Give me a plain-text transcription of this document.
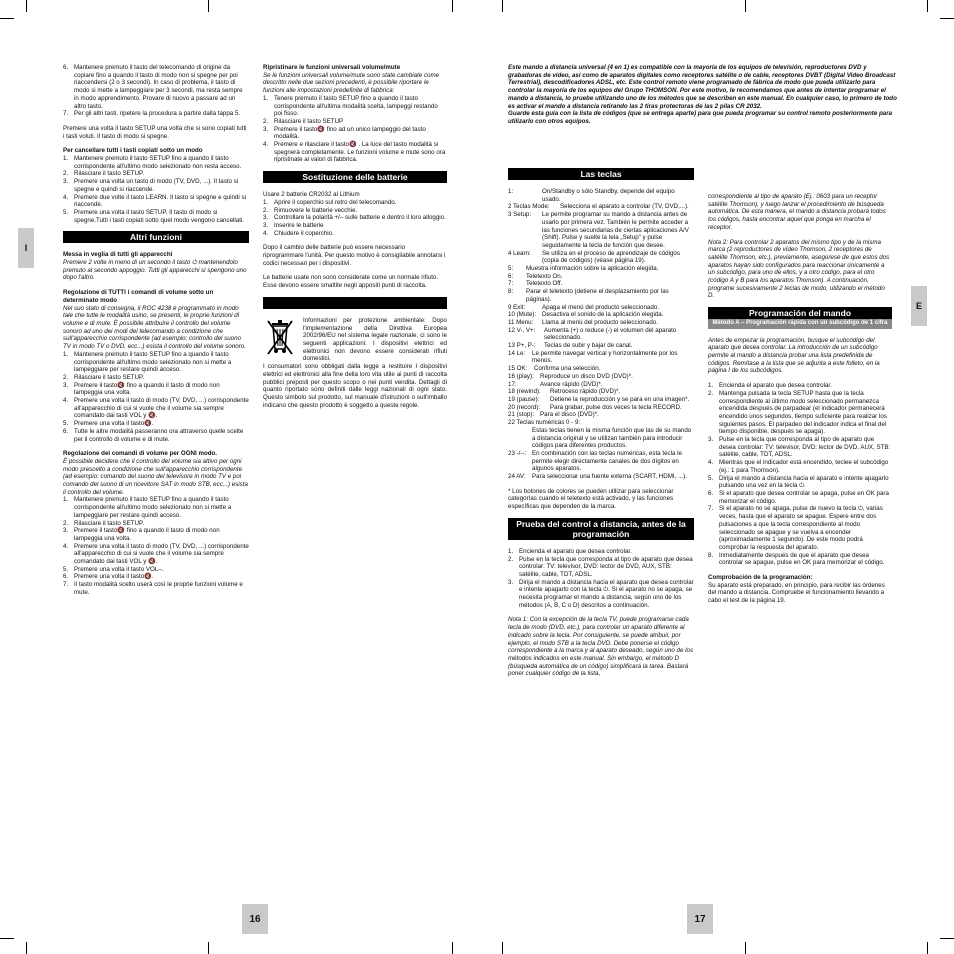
I
6. Mantenere premuto il tasto del telecomando di origine da copiare fino a quando il tasto di modo non si spegne per poi riaccendersi (2 o 3 secondi). In caso di problema, il tasto di modo si mette a lampeggiare per 3 secondi, ma resta sempre in modo apprendimento. Provare di nuovo a passare ad un altro tasto.
7. Per gli altri tasti, ripetere la procedura a partire dalla tappa 5.

Premere una volta il tasto SETUP una volta che si sono copiati tutti i tasti voluti. Il tasto di modo si spegne.

Per cancellare tutti i tasti copiati sotto un modo
1. Mantenere premuto il tasto SETUP fino a quando il tasto corrispondente all'ultimo modo selezionato non resta acceso.
2. Rilasciare il tasto SETUP.
3. Premere una volta un tasto di modo (TV, DVD, ...). Il tasto si spegne e quindi si riaccende.
4. Premere due volte il tasto LEARN. Il tasto si spegne e quindi si riaccende.
5. Premere una volta il tasto SETUP. Il tasto di modo si spegne.Tutti i tasti copiati sotto quel modo vengono cancellati.
Altri funzioni
Messa in veglia di tutti gli apparecchi

Premere 2 volte in meno di un secondo il tasto ⏻ mantenendolo premuto al secondo appoggio. Tutti gli apparecchi si spengono uno dopo l'altro.

Regolazione di TUTTI i comandi di volume sotto un determinato modo
Nel suo stato di consegna, il ROC 4238 è programmato in modo tale che tutte le modalità usino, se presenti, le proprie funzioni di volume e di mute. È possibile attribuire il controllo del volume sonoro ad uno dei modi del telecomando a condizione che sull'apparecchio corrispondente (ad esempio: controllo del suono TV in modo TV o DVD, ecc...) esista il controllo del volume sonoro.
1. Mantenere premuto il tasto SETUP fino a quando il tasto corrispondente all'ultimo modo selezionato non si mette a lampeggiare per restare quindi acceso.
2. Rilasciare il tasto SETUP.
3. Premere il tasto🔇 fino a quando il tasto di modo non lampeggia una volta.
4. Premere una volta il tasto di modo (TV, DVD, ...) corrispondente all'apparecchio di cui si vuole che il volume sia sempre comandato dai tasti VOL y 🔇.
5. Premere una volta il tasto🔇.
6. Tutte le altre modalità passeranno ora attraverso quelle scelte per il controllo di volume e di mute.
Regolazione dei comandi di volume per OGNI modo.
È possibile decidere che il controllo del volume sia attivo per ogni modo prescelto a condizione che sull'apparecchio corrispondente (ad esempio: comando del suono del televisore in modo TV e poi comando del suono di un ricevitore SAT in modo STB, ecc...) esista il controllo del volume.
1. Mantenere premuto il tasto SETUP fino a quando il tasto corrispondente all'ultimo modo selezionato non si mette a lampeggiare per restare quindi acceso.
2. Rilasciare il tasto SETUP.
3. Premere il tasto🔇 fino a quando il tasto di modo non lampeggia una volta.
4. Premere una volta il tasto di modo (TV, DVD, ...) corrispondente all'apparecchio di cui si vuole che il volume sia sempre comandato dai tasti VOL y 🔇.
5. Premere una volta il tasto VOL–.
6. Premere una volta il tasto🔇.
7. Il tasto modalità scelto userà così le proprie funzioni volume e mute.
Ripristinare le funzioni universali volume/mute
Se le funzioni universali volume/mute sono state cambiate come descritto nelle due sezioni precedenti, è possibile riportare le funzioni alle impostazioni predefinite di fabbrica:
1. Tenere premuto il tasto SETUP fino a quando il tasto corrispondente all'ultima modalità scelta, lampeggi restando poi fisso.
2. Rilasciare il tasto SETUP
3. Premere il tasto🔇 fino ad un unico lampeggio del tasto modalità.
4. Premere e rilasciare il tasto🔇 . La luce del tasto modalità si spegnerà completamente. Le funzioni volume e mute sono ora ripristinate ai valori di fabbrica.
Sostituzione delle batterie
Usare 2 batterie CR2032 al Lithium
1. Aprire il coperchio sul retro del telecomando.
2. Rimuovere le batterie vecchie.
3. Controllare la polarità +/– sulle batterie e dentro il loro alloggio.
3. Inserire le batterie
4. Chiudere il coperchio.

Dopo il cambio delle batterie può essere necessario riprogrammare l'unità. Per questo motivo è consigliabile annotarsi i codici necessari per i dispositivi.

Le batterie usate non sono considerate come un normale rifiuto. Esse devono essere smaltite negli appositi punti di raccolta.

Informazioni per protezione ambientale: Dopo l'implementazione della Direttiva Europea 2002/96/EU nel sistema legale nazionale, ci sono le seguenti applicazioni: I dispositivi elettrici ed elettronici non devono essere considerati rifiuti domestici.
I consumatori sono obbligati dalla legge a restituire I dispositivi elettrici ed elettronici alla fine della loro vita utile ai punti di raccolta pubblici preposti per questo scopo o nei punti vendita. Dettagli di quanto riportato sono definiti dalle leggi nazionali di ogni stato. Questo simbolo sul prodotto, sul manuale d'istruzioni o sull'imballo indicano che questo prodotto è soggetto a queste regole.
16
E
Este mando a distancia universal (4 en 1) es compatible con la mayoría de los equipos de televisión, reproductores DVD y grabadoras de vídeo, así como de aparatos digitales como receptores satélite o de cable, receptores DVBT (Digital Video Broadcast Terrestrial), descodificadores ADSL, etc. Este control remoto viene programado de fábrica de modo que pueda utilizarlo para controlar la mayoría de los equipos del Grupo THOMSON. Por este motivo, le recomendamos que antes de intentar programar el mando a distancia, lo pruebe utilizando uno de los métodos que se describen en este manual. En cualquier caso, lo primero de todo es activar el mando a distancia retirando las 2 tiras protectoras de las 2 pilas CR 2032.
Guarde esta guía con la lista de códigos (que se entrega aparte) para que pueda programar su control remoto posteriormente para utilizarlo con otros equipos.
Las teclas
1:	On/Standby o sólo Standby, depende del equipo usado.
2 Teclas Mode: Selecciona el aparato a controlar (TV, DVD,...).
3 Setup: Le permite programar su mando a distancia antes de usarlo por primera vez. También le permite acceder a las funciones secundarias de ciertas aplicaciones A/V (Shift). Pulse y suelte la tela „Setup" y pulse seguidamente la tecla de función que desee.
4 Learn: Se utiliza en el proceso de aprendizaje de códigos (copia de códigos) (véase página 19).
5: Muestra información sobre la aplicación elegida.
6: Teletexto On.
7: Teletexto Off.
8: Parar el teletexto (detiene el desplazamiento por las páginas).
9 Exit:	Apaga el menú del producto seleccionado.
10 (Mute): Desactiva el sonido de la aplicación elegida.
11 Menu: Llama al menú del producto seleccionado.
12 V-, V+: Aumenta (+) o reduce (-) el volumen del aparato seleccionado.
13 P+, P-: Teclas de subir y bajar de canal.
14 Le: Le permite navegar vertical y horizontalmente por los menús.
15 OK: Confirma una selección.
16 (play): Reproduce un disco DVD (DVD)*.
17:	Avance rápido (DVD)*.
18 (rewind): Retroceso rápido (DVD)*.
19 (pause): Detiene la reproducción y se para en una imagen*.
20 (record): Para grabar, pulse dos veces la tecla RECORD.
21 (stop): Para el disco (DVD)*.
22 Teclas numéricas 0 - 9:
Estas teclas tienen la misma función que las de su mando a distancia original y se utilizan también para introducir códigos para diferentes productos.
23 -/--: En combinación con las teclas numéricas, esta tecla le permite elegir directamente canales de dos dígitos en algunos aparatos.
24 AV: Para seleccionar una fuente externa (SCART, HDMI, ...).

* Los botones de colores se pueden utilizar para seleccionar categorías cuando el teletexto está activado, y las funciones específicas que dependen de la marca.

Prueba del control a distancia, antes de la programación
1. Encienda el aparato que desea controlar.
2. Pulse en la tecla que corresponda al tipo de aparato que desea controlar: TV: televisor, DVD: lector de DVD, AUX, STB: satélite, cable, TDT, ADSL.
3. Dirija el mando a distancia hacia el aparato que desea controlar e intente apagarlo con la tecla ⏻. Si el aparato no se apaga, se necesita programar el mando a distancia, según uno de los métodos (A, B, C o D) descritos a continuación.
Nota 1: Con la excepción de la tecla TV, puede programarse cada tecla de modo (DVD, etc.), para controlar un aparato diferente al indicado sobre la tecla. Por consiguiente, se puede atribuir, por ejemplo, el modo STB a la tecla DVD. Debe ponerse el código correspondiente a la marca y al aparato deseado, según uno de los métodos indicados en este manual. Sin embargo, el método D (búsqueda automática de un código) simplificará la tarea. Bastará poner cualquier código de la lista,

correspondiente al tipo de aparato (Ej.: 0603 para un receptor satélite Thomson), y luego lanzar el procedimiento de búsqueda automática. De esta manera, el mando a distancia probará todos los códigos, hasta encontrar aquel que ponga en marcha el receptor.

Nota 2: Para controlar 2 aparatos del mismo tipo y de la misma marca (2 reproductores de vídeo Thomson, 2 receptores de satélite Thomson, etc.), previamente, asegúrese de que estos dos aparatos hayan sido configurados para reaccionar únicamente a un subcódigo, para uno de ellos, y a otro código, para el otro (código A y B para los aparatos Thomson). A continuación, programe sucesivamente 2 teclas de modo, utilizando el método D.

Programación del mando
Método A – Programación rápida con un subcódigo de 1 cifra

Antes de empezar la programación, busque el subcódigo del aparato que desea controlar. La introducción de un subcódigo permite al mando a distancia probar una lista predefinida de códigos. Remítase a la lista que se adjunta a este folleto, en la página I de los subcódigos.

1. Encienda el aparato que desea controlar.
2. Mantenga pulsada la tecla SETUP hasta que la tecla correspondiente al último modo seleccionado permanezca encendida después de parpadear (el indicador permanecerá encendido unos segundos, tiempo suficiente para realizar los siguientes pasos. El parpadeo del indicador indica el final del tiempo disponible, después se apaga).
3. Pulse en la tecla que corresponda al tipo de aparato que desea controlar: TV: televisor, DVD: lector de DVD, AUX, STB: satélite, cable, TDT, ADSL.
4. Mientras que el indicador está encendido, teclee el subcódigo (ej.: 1 para Thomson).
5. Dirija el mando a distancia hacia el aparato e intente apagarlo pulsando una vez en la tecla ⏻.
6. Si el aparato que desea controlar se apaga, pulse en OK para memorizar el código.
7. Si el aparato no se apaga, pulse de nuevo la tecla ⏻, varias veces, hasta que el aparato se apague. Espere entre dos pulsaciones a que la tecla correspondiente al modo seleccionado se apague y se vuelva a encender (aproximadamente 1 segundo). De este modo podrá comprobar la respuesta del aparato.
8. Inmediatamente después de que el aparato que desea controlar se apague, pulse en OK para memorizar el código.
Comprobación de la programación:
Su aparato está preparado, en principio, para recibir las órdenes del mando a distancia. Compruebe el funcionamiento llevando a cabo el test de la página 19.
17
